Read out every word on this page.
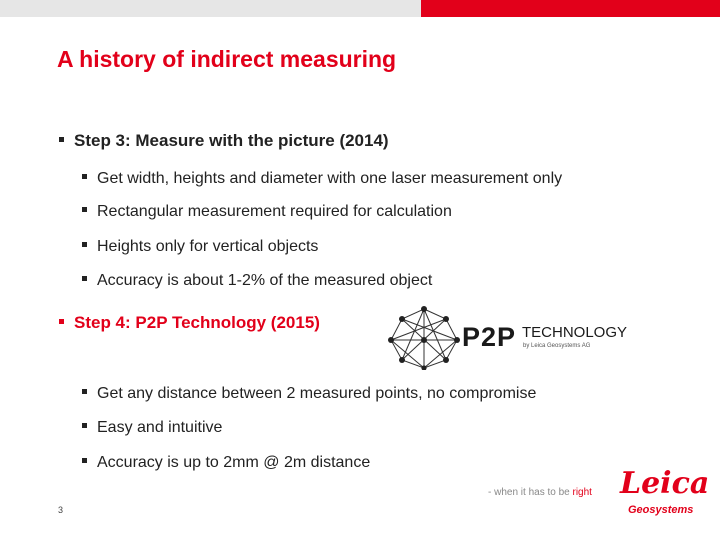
A history of indirect measuring
Step 3: Measure with the picture (2014)
Get width, heights and diameter with one laser measurement only
Rectangular measurement required for calculation
Heights only for vertical objects
Accuracy is about 1-2% of the measured object
Step 4: P2P Technology (2015)	P2P TECHNOLOGY
by Leica Geosystems AG
Get any distance between 2 measured points, no compromise
Easy and intuitive
Accuracy is up to 2mm @ 2m distance
3
- when it has to be right Leica
Geosystems
